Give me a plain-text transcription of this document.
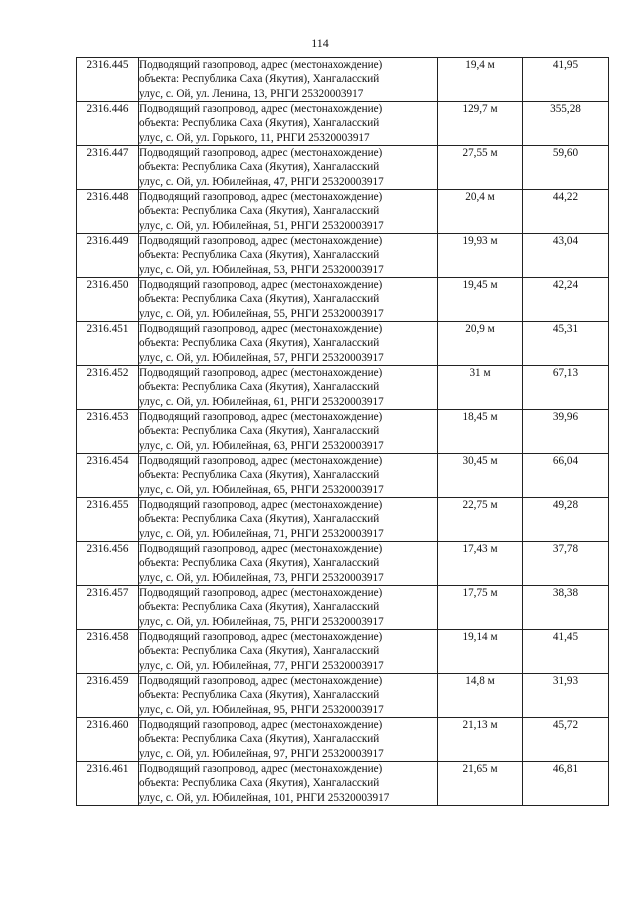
114
2316.445	Подводящий газопровод, адрес (местонахождение)
объекта: Республика Саха (Якутия), Хангаласский
улус, с. Ой, ул. Ленина, 13, РНГИ 25320003917	19,4 м	41,95
2316.446	Подводящий газопровод, адрес (местонахождение)
объекта: Республика Саха (Якутия), Хангаласский
улус, с. Ой, ул. Горького, 11, РНГИ 25320003917	129,7 м	355,28
2316.447	Подводящий газопровод, адрес (местонахождение)
объекта: Республика Саха (Якутия), Хангаласский
улус, с. Ой, ул. Юбилейная, 47, РНГИ 25320003917	27,55 м	59,60
2316.448	Подводящий газопровод, адрес (местонахождение)
объекта: Республика Саха (Якутия), Хангаласский
улус, с. Ой, ул. Юбилейная, 51, РНГИ 25320003917	20,4 м	44,22
2316.449	Подводящий газопровод, адрес (местонахождение)
объекта: Республика Саха (Якутия), Хангаласский
улус, с. Ой, ул. Юбилейная, 53, РНГИ 25320003917	19,93 м	43,04
2316.450	Подводящий газопровод, адрес (местонахождение)
объекта: Республика Саха (Якутия), Хангаласский
улус, с. Ой, ул. Юбилейная, 55, РНГИ 25320003917	19,45 м	42,24
2316.451	Подводящий газопровод, адрес (местонахождение)
объекта: Республика Саха (Якутия), Хангаласский
улус, с. Ой, ул. Юбилейная, 57, РНГИ 25320003917	20,9 м	45,31
2316.452	Подводящий газопровод, адрес (местонахождение)
объекта: Республика Саха (Якутия), Хангаласский
улус, с. Ой, ул. Юбилейная, 61, РНГИ 25320003917	31 м	67,13
2316.453	Подводящий газопровод, адрес (местонахождение)
объекта: Республика Саха (Якутия), Хангаласский
улус, с. Ой, ул. Юбилейная, 63, РНГИ 25320003917	18,45 м	39,96
2316.454	Подводящий газопровод, адрес (местонахождение)
объекта: Республика Саха (Якутия), Хангаласский
улус, с. Ой, ул. Юбилейная, 65, РНГИ 25320003917	30,45 м	66,04
2316.455	Подводящий газопровод, адрес (местонахождение)
объекта: Республика Саха (Якутия), Хангаласский
улус, с. Ой, ул. Юбилейная, 71, РНГИ 25320003917	22,75 м	49,28
2316.456	Подводящий газопровод, адрес (местонахождение)
объекта: Республика Саха (Якутия), Хангаласский
улус, с. Ой, ул. Юбилейная, 73, РНГИ 25320003917	17,43 м	37,78
2316.457	Подводящий газопровод, адрес (местонахождение)
объекта: Республика Саха (Якутия), Хангаласский
улус, с. Ой, ул. Юбилейная, 75, РНГИ 25320003917	17,75 м	38,38
2316.458	Подводящий газопровод, адрес (местонахождение)
объекта: Республика Саха (Якутия), Хангаласский
улус, с. Ой, ул. Юбилейная, 77, РНГИ 25320003917	19,14 м	41,45
2316.459	Подводящий газопровод, адрес (местонахождение)
объекта: Республика Саха (Якутия), Хангаласский
улус, с. Ой, ул. Юбилейная, 95, РНГИ 25320003917	14,8 м	31,93
2316.460	Подводящий газопровод, адрес (местонахождение)
объекта: Республика Саха (Якутия), Хангаласский
улус, с. Ой, ул. Юбилейная, 97, РНГИ 25320003917	21,13 м	45,72
2316.461	Подводящий газопровод, адрес (местонахождение)
объекта: Республика Саха (Якутия), Хангаласский
улус, с. Ой, ул. Юбилейная, 101, РНГИ 25320003917	21,65 м	46,81
